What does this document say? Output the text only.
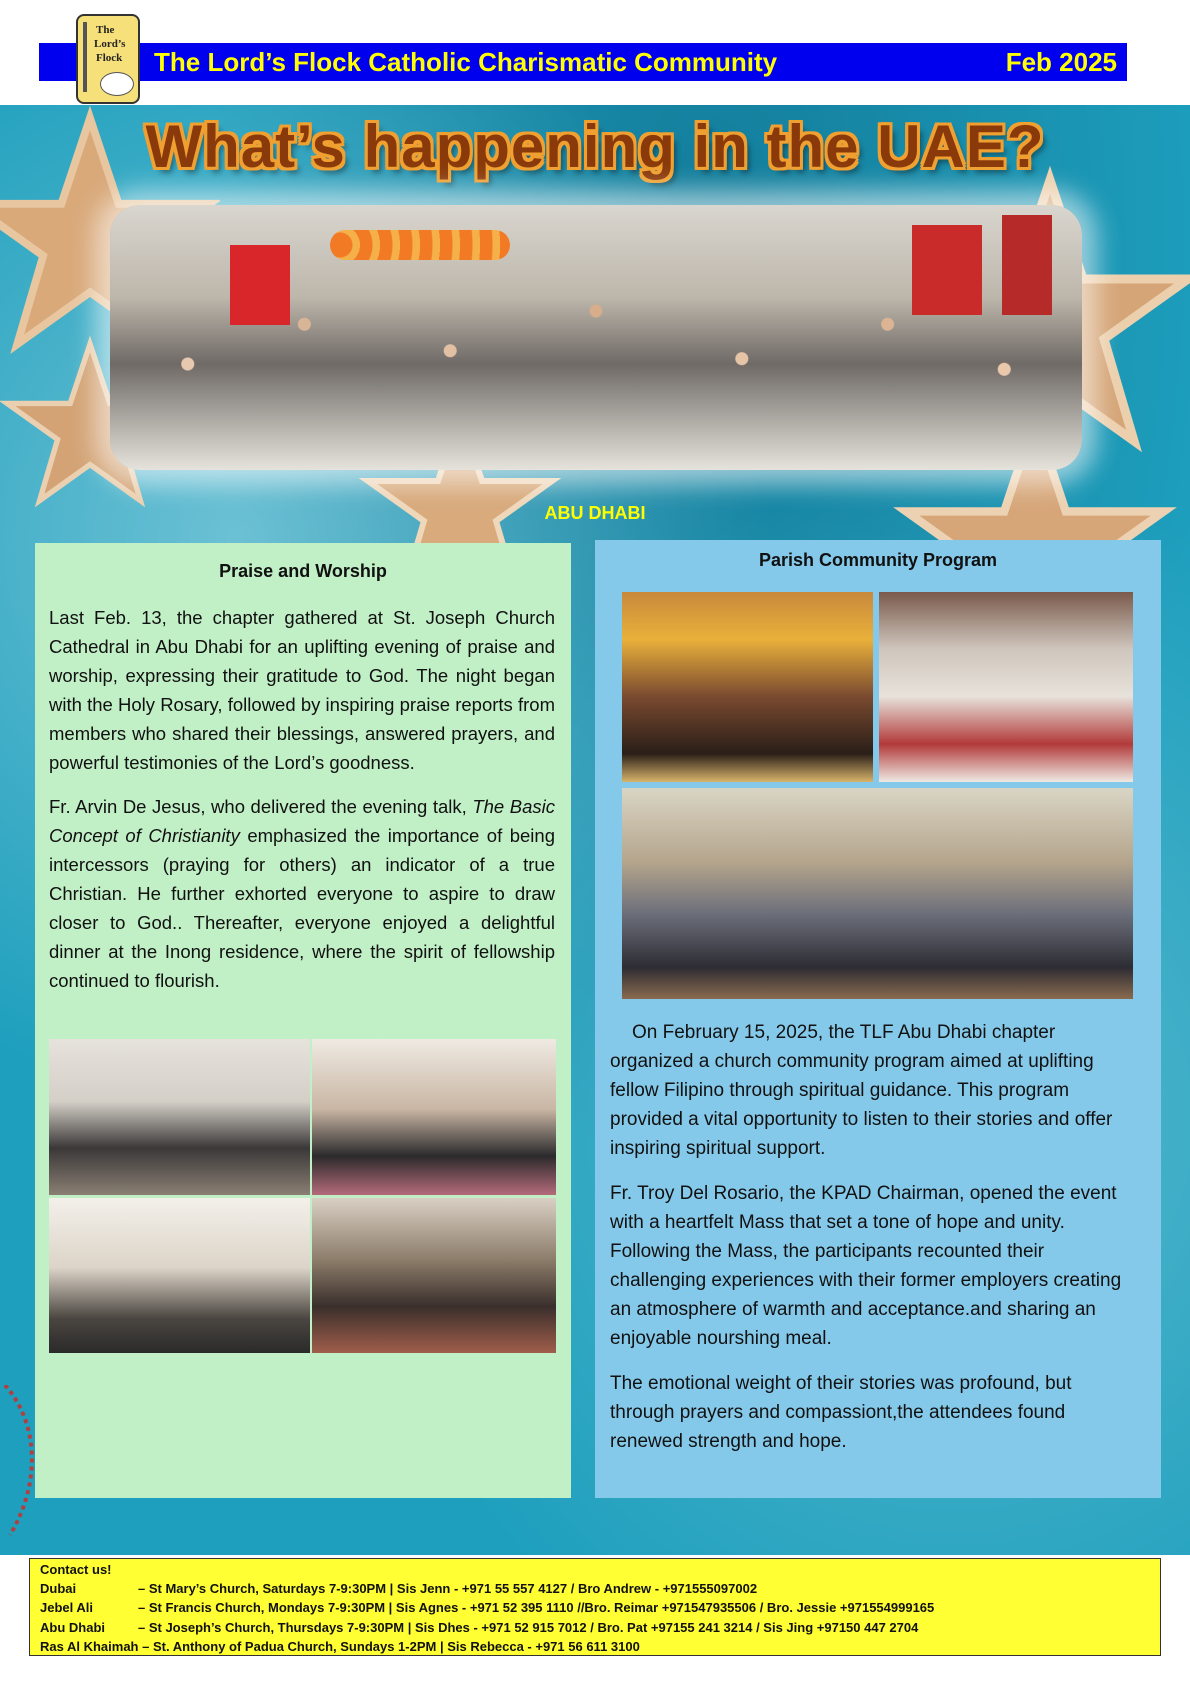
The
Lord’s
Flock The Lord’s Flock Catholic Charismatic Community	Feb 2025
What’s happening in the UAE?
ABU DHABI
Praise and Worship

Last Feb. 13, the chapter gathered at St. Joseph Church Cathedral in Abu Dhabi for an uplifting evening of praise and worship, expressing their gratitude to God. The night began with the Holy Rosary, followed by inspiring praise reports from members who shared their blessings, answered prayers, and powerful testimonies of the Lord’s goodness.

Fr. Arvin De Jesus, who delivered the evening talk, The Basic Concept of Christianity emphasized the importance of being intercessors (praying for others) an indicator of a true Christian. He further exhorted everyone to aspire to draw closer to God.. Thereafter, everyone enjoyed a delightful dinner at the Inong residence, where the spirit of fellowship continued to flourish.

Parish Community Program

On February 15, 2025, the TLF Abu Dhabi chapter organized a church community program aimed at uplifting fellow Filipino through spiritual guidance. This program provided a vital opportunity to listen to their stories and offer inspiring spiritual support.

Fr. Troy Del Rosario, the KPAD Chairman, opened the event with a heartfelt Mass that set a tone of hope and unity. Following the Mass, the participants recounted their challenging experiences with their former employers creating an atmosphere of warmth and acceptance.and sharing an enjoyable nourshing meal.

The emotional weight of their stories was profound, but through prayers and compassiont,the attendees found renewed strength and hope.

Contact us!
Dubai	– St Mary’s Church, Saturdays 7-9:30PM | Sis Jenn - +971 55 557 4127 / Bro Andrew - +971555097002
Jebel Ali	– St Francis Church, Mondays 7-9:30PM | Sis Agnes - +971 52 395 1110 //Bro. Reimar +971547935506 / Bro. Jessie +971554999165
Abu Dhabi	– St Joseph’s Church, Thursdays 7-9:30PM | Sis Dhes - +971 52 915 7012 / Bro. Pat +97155 241 3214 / Sis Jing +97150 447 2704
Ras Al Khaimah – St. Anthony of Padua Church, Sundays 1-2PM | Sis Rebecca - +971 56 611 3100
